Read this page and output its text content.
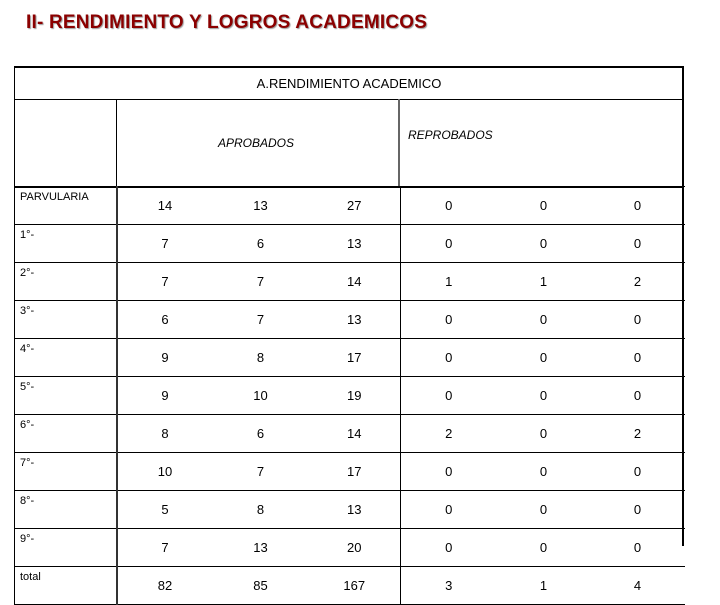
II- RENDIMIENTO Y LOGROS ACADEMICOS
A.RENDIMIENTO ACADEMICO
APROBADOS
REPROBADOS
PARVULARIA	14	13	27	0	0	0
1°-	7	6	13	0	0	0
2°-	7	7	14	1	1	2
3°-	6	7	13	0	0	0
4°-	9	8	17	0	0	0
5°-	9	10	19	0	0	0
6°-	8	6	14	2	0	2
7°-	10	7	17	0	0	0
8°-	5	8	13	0	0	0
9°-	7	13	20	0	0	0
total	82	85	167	3	1	4
